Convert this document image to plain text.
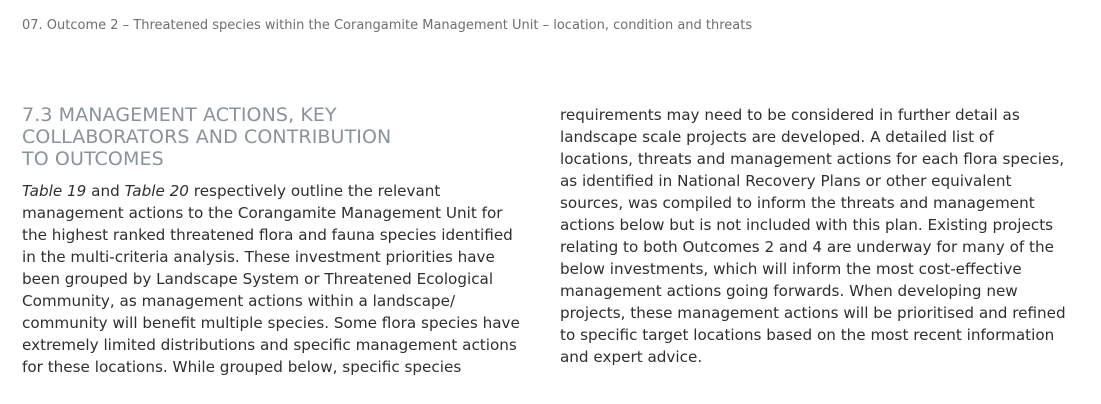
07. Outcome 2 – Threatened species within the Corangamite Management Unit – location, condition and threats
7.3 MANAGEMENT ACTIONS, KEY
COLLABORATORS AND CONTRIBUTION
TO OUTCOMES

Table 19 and Table 20 respectively outline the relevant
management actions to the Corangamite Management Unit for
the highest ranked threatened flora and fauna species identified
in the multi-criteria analysis. These investment priorities have
been grouped by Landscape System or Threatened Ecological
Community, as management actions within a landscape/
community will benefit multiple species. Some flora species have
extremely limited distributions and specific management actions
for these locations. While grouped below, specific species

requirements may need to be considered in further detail as
landscape scale projects are developed. A detailed list of
locations, threats and management actions for each flora species,
as identified in National Recovery Plans or other equivalent
sources, was compiled to inform the threats and management
actions below but is not included with this plan. Existing projects
relating to both Outcomes 2 and 4 are underway for many of the
below investments, which will inform the most cost-effective
management actions going forwards. When developing new
projects, these management actions will be prioritised and refined
to specific target locations based on the most recent information
and expert advice.
